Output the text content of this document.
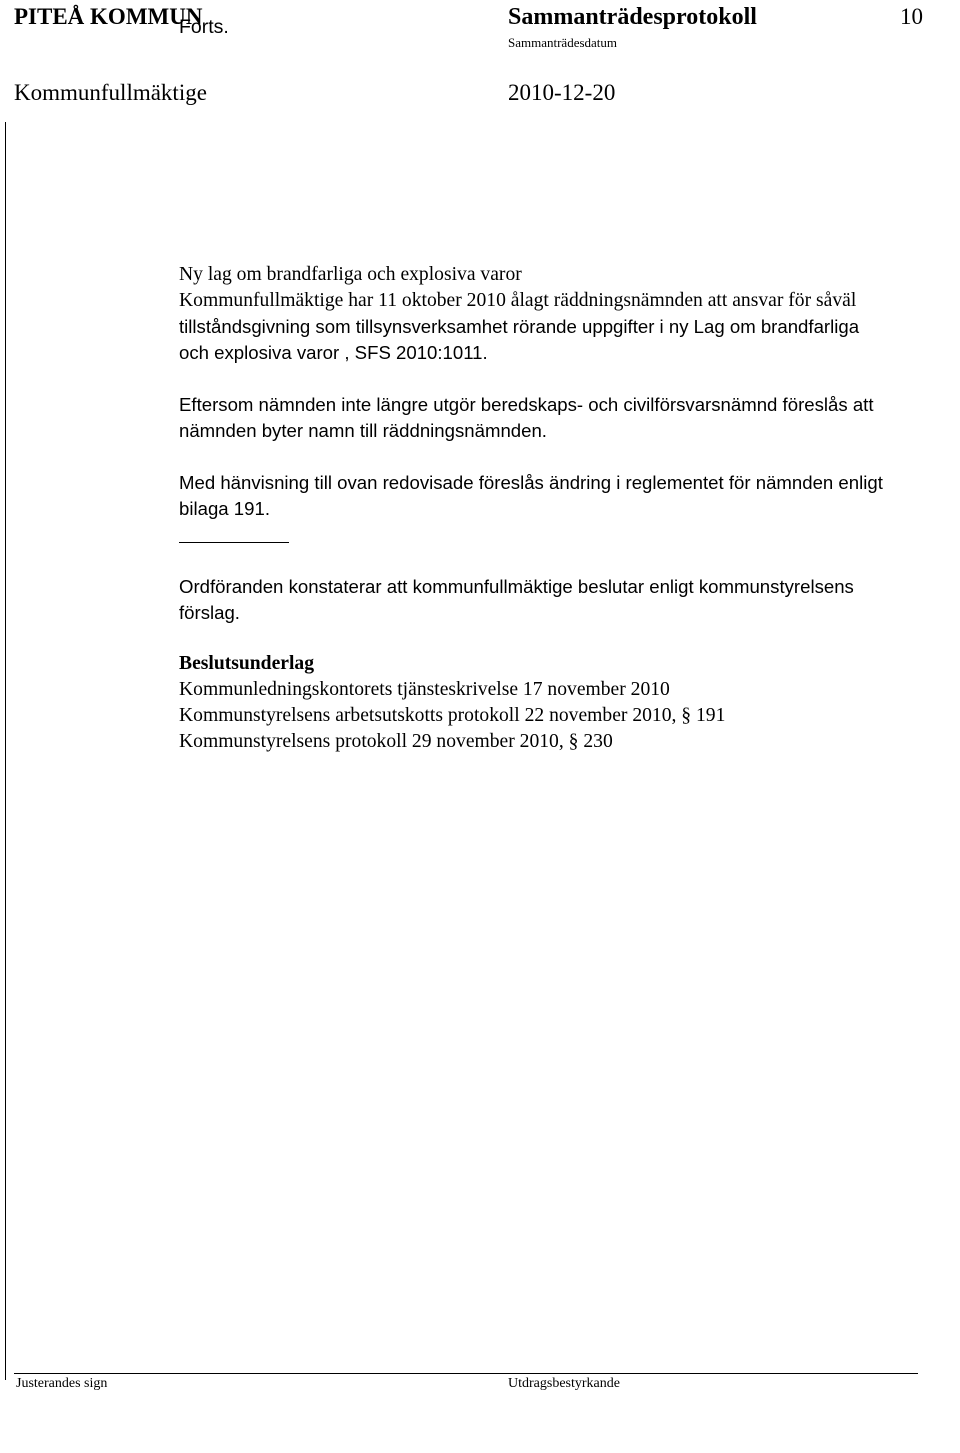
PITEÅ KOMMUN	Sammanträdesprotokoll	10
Sammanträdesdatum
Kommunfullmäktige	2010-12-20
Forts.
Ny lag om brandfarliga och explosiva varor
Kommunfullmäktige har 11 oktober 2010 ålagt räddningsnämnden att ansvar för såväl
tillståndsgivning som tillsynsverksamhet rörande uppgifter i ny Lag om brandfarliga
och explosiva varor , SFS 2010:1011.
Eftersom nämnden inte längre utgör beredskaps- och civilförsvarsnämnd föreslås att
nämnden byter namn till räddningsnämnden.
Med hänvisning till ovan redovisade föreslås ändring i reglementet för nämnden enligt
bilaga 191.
Ordföranden konstaterar att kommunfullmäktige beslutar enligt kommunstyrelsens
förslag.
Beslutsunderlag
Kommunledningskontorets tjänsteskrivelse 17 november 2010
Kommunstyrelsens arbetsutskotts protokoll 22 november 2010, § 191
Kommunstyrelsens protokoll 29 november 2010, § 230
Justerandes sign	Utdragsbestyrkande
